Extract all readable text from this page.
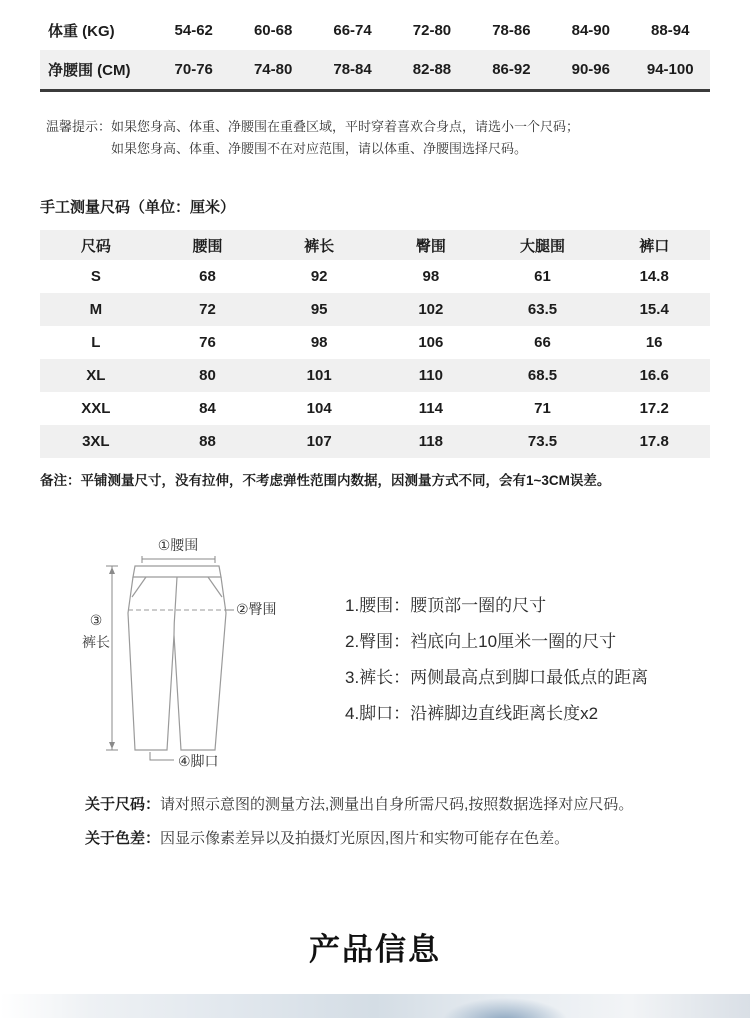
体重 (KG)	54-62	60-68	66-74	72-80	78-86	84-90	88-94
净腰围 (CM)	70-76	74-80	78-84	82-88	86-92	90-96	94-100
温馨提示： 如果您身高、体重、净腰围在重叠区域，平时穿着喜欢合身点，请选小一个尺码；
如果您身高、体重、净腰围不在对应范围，请以体重、净腰围选择尺码。
手工测量尺码（单位：厘米）
尺码	腰围	裤长	臀围	大腿围	裤口
S	68	92	98	61	14.8
M	72	95	102	63.5	15.4
L	76	98	106	66	16
XL	80	101	110	68.5	16.6
XXL	84	104	114	71	17.2
3XL	88	107	118	73.5	17.8
备注：平铺测量尺寸，没有拉伸，不考虑弹性范围内数据，因测量方式不同，会有1~3CM误差。
①腰围
②臀围
③
裤长
④脚口
1.腰围：腰顶部一圈的尺寸
2.臀围：裆底向上10厘米一圈的尺寸
3.裤长：两侧最高点到脚口最低点的距离
4.脚口：沿裤脚边直线距离长度x2
关于尺码：请对照示意图的测量方法,测量出自身所需尺码,按照数据选择对应尺码。
关于色差：因显示像素差异以及拍摄灯光原因,图片和实物可能存在色差。
产品信息
